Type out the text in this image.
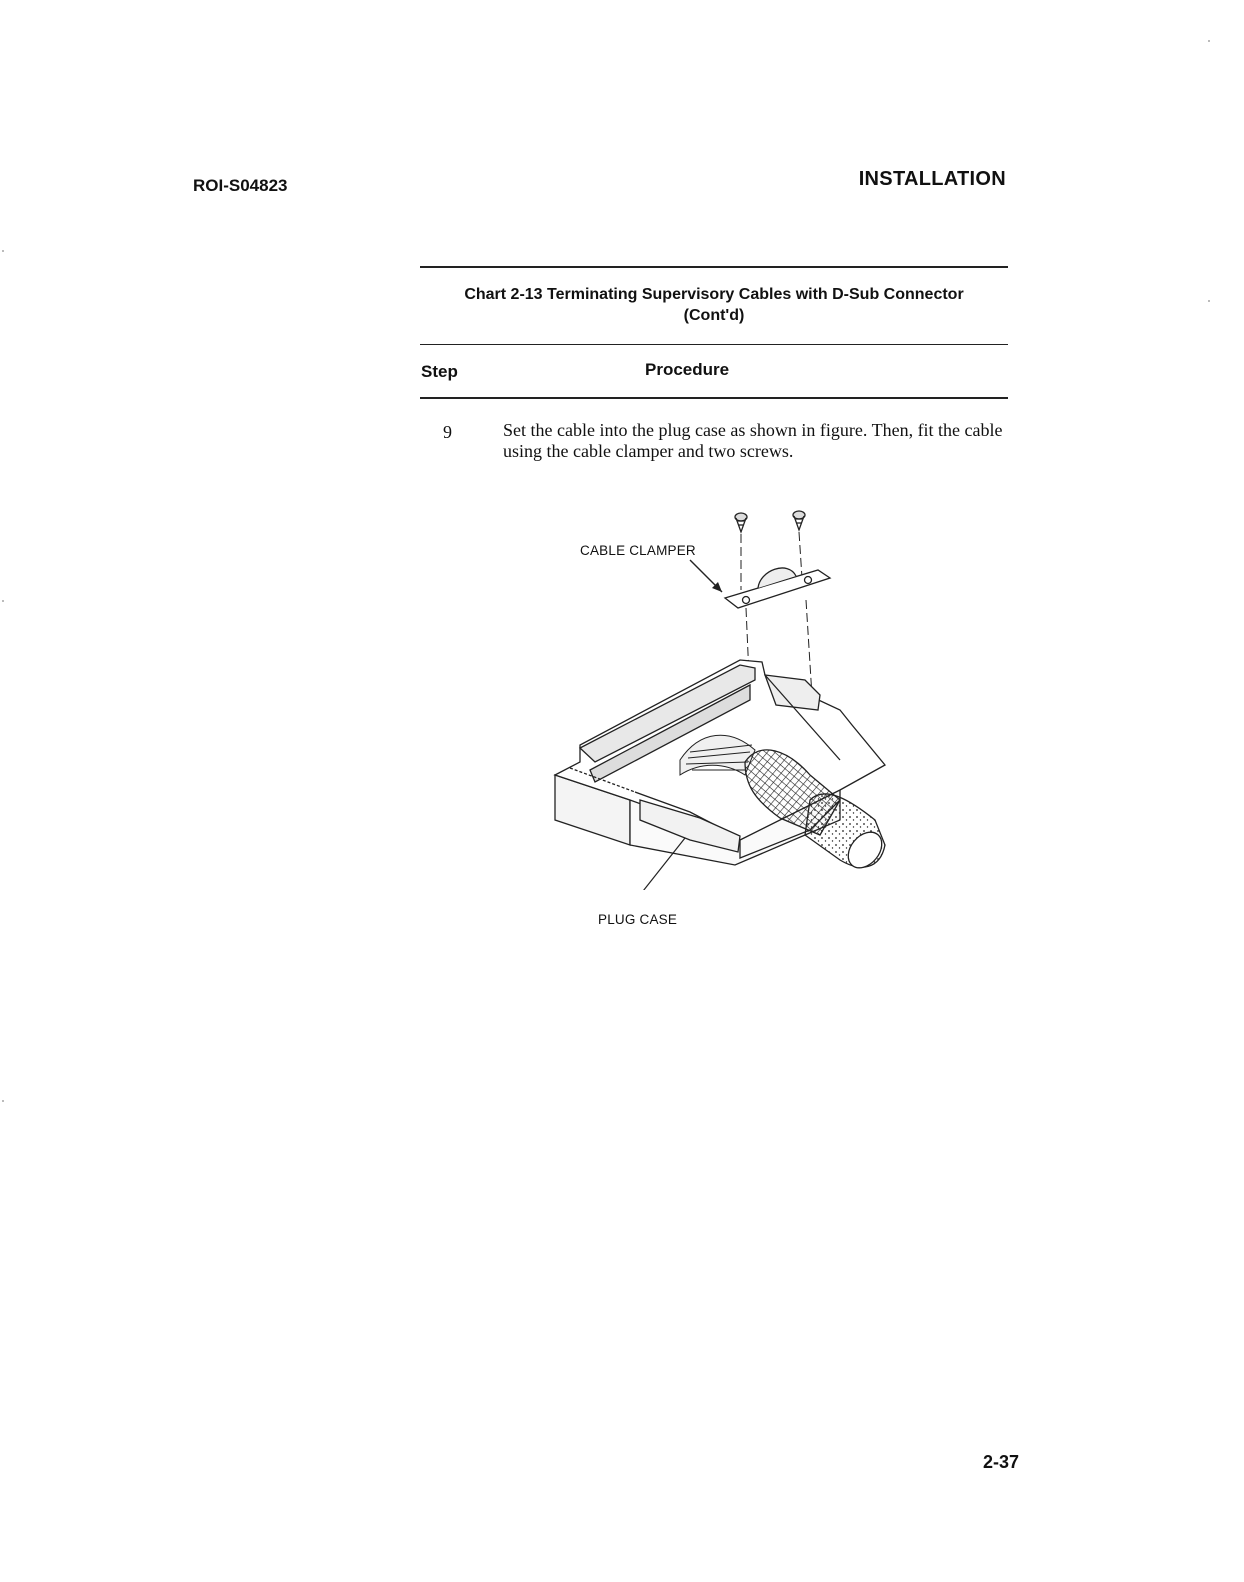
ROI-S04823	INSTALLATION
Chart 2-13 Terminating Supervisory Cables with D-Sub Connector
(Cont'd)
Step	Procedure
9	Set the cable into the plug case as shown in figure. Then, fit the cable using the cable clamper and two screws.
CABLE CLAMPER
PLUG CASE
2-37
